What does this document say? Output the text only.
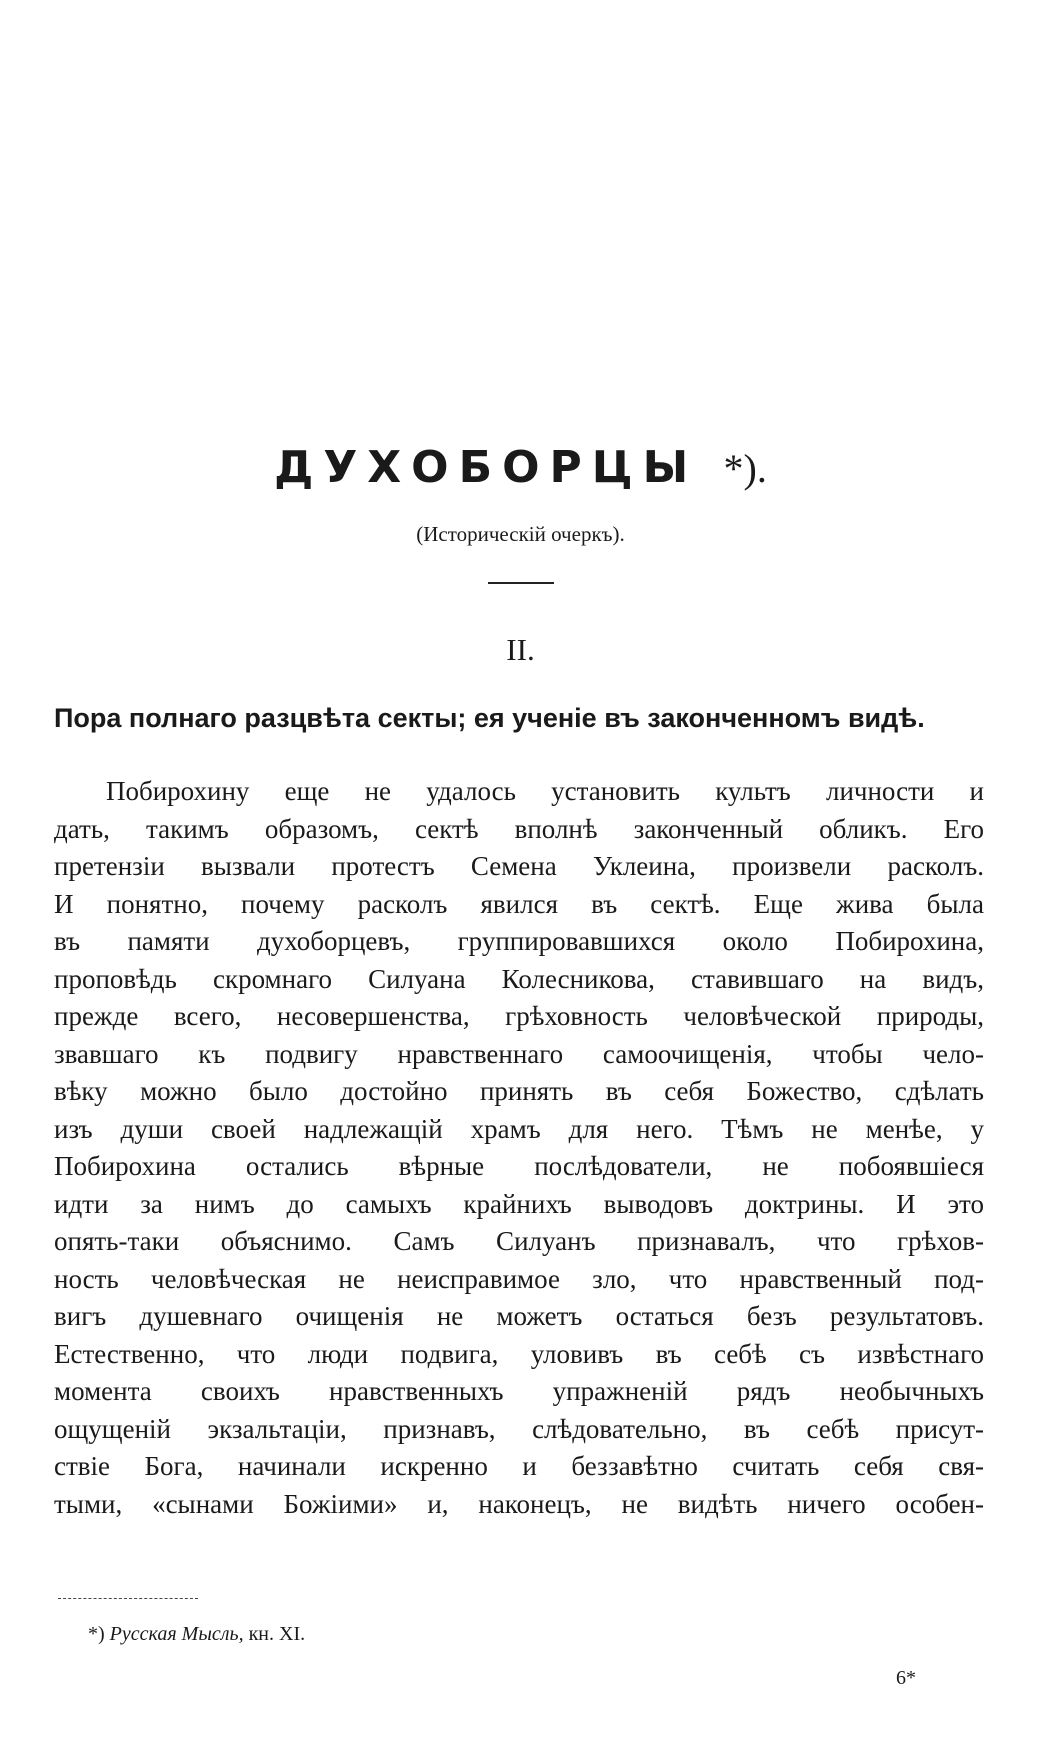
ДУХОБОРЦЫ *).
(Историческій очеркъ).
II.
Пора полнаго разцвѣта секты; ея ученіе въ законченномъ видѣ.
Побирохину еще не удалось установить культъ личности и
дать, такимъ образомъ, сектѣ вполнѣ законченный обликъ. Его
претензіи вызвали протестъ Семена Уклеина, произвели расколъ.
И понятно, почему расколъ явился въ сектѣ. Еще жива была
въ памяти духоборцевъ, группировавшихся около Побирохина,
проповѣдь скромнаго Силуана Колесникова, ставившаго на видъ,
прежде всего, несовершенства, грѣховность человѣческой природы,
звавшаго къ подвигу нравственнаго самоочищенія, чтобы чело-
вѣку можно было достойно принять въ себя Божество, сдѣлать
изъ души своей надлежащій храмъ для него. Тѣмъ не менѣе, у
Побирохина остались вѣрные послѣдователи, не побоявшіеся
идти за нимъ до самыхъ крайнихъ выводовъ доктрины. И это
опять-таки объяснимо. Самъ Силуанъ признавалъ, что грѣхов-
ность человѣческая не неисправимое зло, что нравственный под-
вигъ душевнаго очищенія не можетъ остаться безъ результатовъ.
Естественно, что люди подвига, уловивъ въ себѣ съ извѣстнаго
момента своихъ нравственныхъ упражненій рядъ необычныхъ
ощущеній экзальтаціи, признавъ, слѣдовательно, въ себѣ присут-
ствіе Бога, начинали искренно и беззавѣтно считать себя свя-
тыми, «сынами Божіими» и, наконецъ, не видѣть ничего особен-
*) Русская Мысль, кн. XI.
6*
